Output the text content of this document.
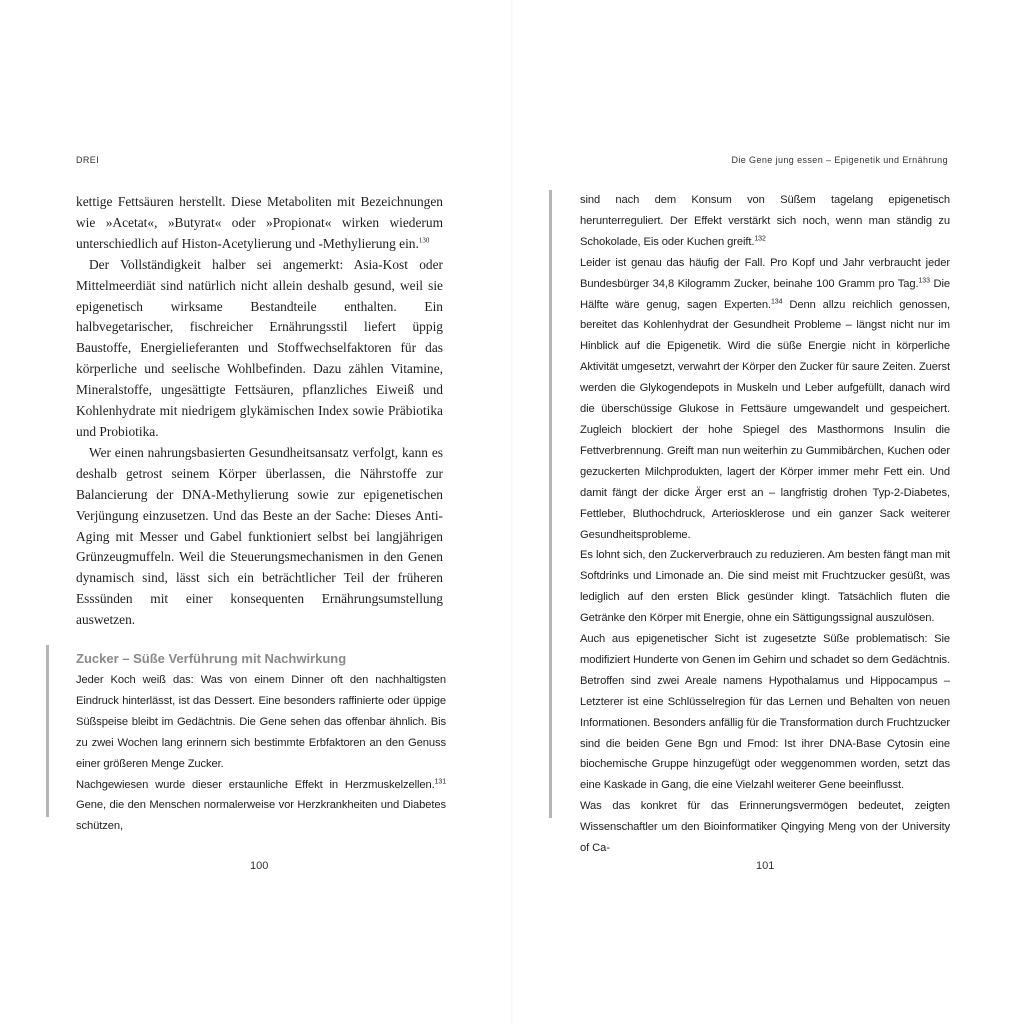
DREI

kettige Fettsäuren herstellt. Diese Metaboliten mit Bezeichnungen wie »Acetat«, »Butyrat« oder »Propionat« wirken wiederum unterschiedlich auf Histon-Acetylierung und -Methylierung ein.$^{130}$

Der Vollständigkeit halber sei angemerkt: Asia-Kost oder Mittelmeerdiät sind natürlich nicht allein deshalb gesund, weil sie epigenetisch wirksame Bestandteile enthalten. Ein halbvegetarischer, fischreicher Ernährungsstil liefert üppig Baustoffe, Energielieferanten und Stoffwechselfaktoren für das körperliche und seelische Wohlbefinden. Dazu zählen Vitamine, Mineralstoffe, ungesättigte Fettsäuren, pflanzliches Eiweiß und Kohlenhydrate mit niedrigem glykämischen Index sowie Präbiotika und Probiotika.

Wer einen nahrungsbasierten Gesundheitsansatz verfolgt, kann es deshalb getrost seinem Körper überlassen, die Nährstoffe zur Balancierung der DNA-Methylierung sowie zur epigenetischen Verjüngung einzusetzen. Und das Beste an der Sache: Dieses Anti-Aging mit Messer und Gabel funktioniert selbst bei langjährigen Grünzeugmuffeln. Weil die Steuerungsmechanismen in den Genen dynamisch sind, lässt sich ein beträchtlicher Teil der früheren Esssünden mit einer konsequenten Ernährungsumstellung auswetzen.

Zucker – Süße Verführung mit Nachwirkung

Jeder Koch weiß das: Was von einem Dinner oft den nachhaltigsten Eindruck hinterlässt, ist das Dessert. Eine besonders raffinierte oder üppige Süßspeise bleibt im Gedächtnis. Die Gene sehen das offenbar ähnlich. Bis zu zwei Wochen lang erinnern sich bestimmte Erbfaktoren an den Genuss einer größeren Menge Zucker.

Nachgewiesen wurde dieser erstaunliche Effekt in Herzmuskelzellen.$^{131}$ Gene, die den Menschen normalerweise vor Herzkrankheiten und Diabetes schützen,

100
Die Gene jung essen – Epigenetik und Ernährung

sind nach dem Konsum von Süßem tagelang epigenetisch herunterreguliert. Der Effekt verstärkt sich noch, wenn man ständig zu Schokolade, Eis oder Kuchen greift.$^{132}$

Leider ist genau das häufig der Fall. Pro Kopf und Jahr verbraucht jeder Bundesbürger 34,8 Kilogramm Zucker, beinahe 100 Gramm pro Tag.$^{133}$ Die Hälfte wäre genug, sagen Experten.$^{134}$ Denn allzu reichlich genossen, bereitet das Kohlenhydrat der Gesundheit Probleme – längst nicht nur im Hinblick auf die Epigenetik. Wird die süße Energie nicht in körperliche Aktivität umgesetzt, verwahrt der Körper den Zucker für saure Zeiten. Zuerst werden die Glykogendepots in Muskeln und Leber aufgefüllt, danach wird die überschüssige Glukose in Fettsäure umgewandelt und gespeichert. Zugleich blockiert der hohe Spiegel des Masthormons Insulin die Fettverbrennung. Greift man nun weiterhin zu Gummibärchen, Kuchen oder gezuckerten Milchprodukten, lagert der Körper immer mehr Fett ein. Und damit fängt der dicke Ärger erst an – langfristig drohen Typ-2-Diabetes, Fettleber, Bluthochdruck, Arteriosklerose und ein ganzer Sack weiterer Gesundheitsprobleme.

Es lohnt sich, den Zuckerverbrauch zu reduzieren. Am besten fängt man mit Softdrinks und Limonade an. Die sind meist mit Fruchtzucker gesüßt, was lediglich auf den ersten Blick gesünder klingt. Tatsächlich fluten die Getränke den Körper mit Energie, ohne ein Sättigungssignal auszulösen.

Auch aus epigenetischer Sicht ist zugesetzte Süße problematisch: Sie modifiziert Hunderte von Genen im Gehirn und schadet so dem Gedächtnis. Betroffen sind zwei Areale namens Hypothalamus und Hippocampus – Letzterer ist eine Schlüsselregion für das Lernen und Behalten von neuen Informationen. Besonders anfällig für die Transformation durch Fruchtzucker sind die beiden Gene Bgn und Fmod: Ist ihrer DNA-Base Cytosin eine biochemische Gruppe hinzugefügt oder weggenommen worden, setzt das eine Kaskade in Gang, die eine Vielzahl weiterer Gene beeinflusst.

Was das konkret für das Erinnerungsvermögen bedeutet, zeigten Wissenschaftler um den Bioinformatiker Qingying Meng von der University of Ca-

101
